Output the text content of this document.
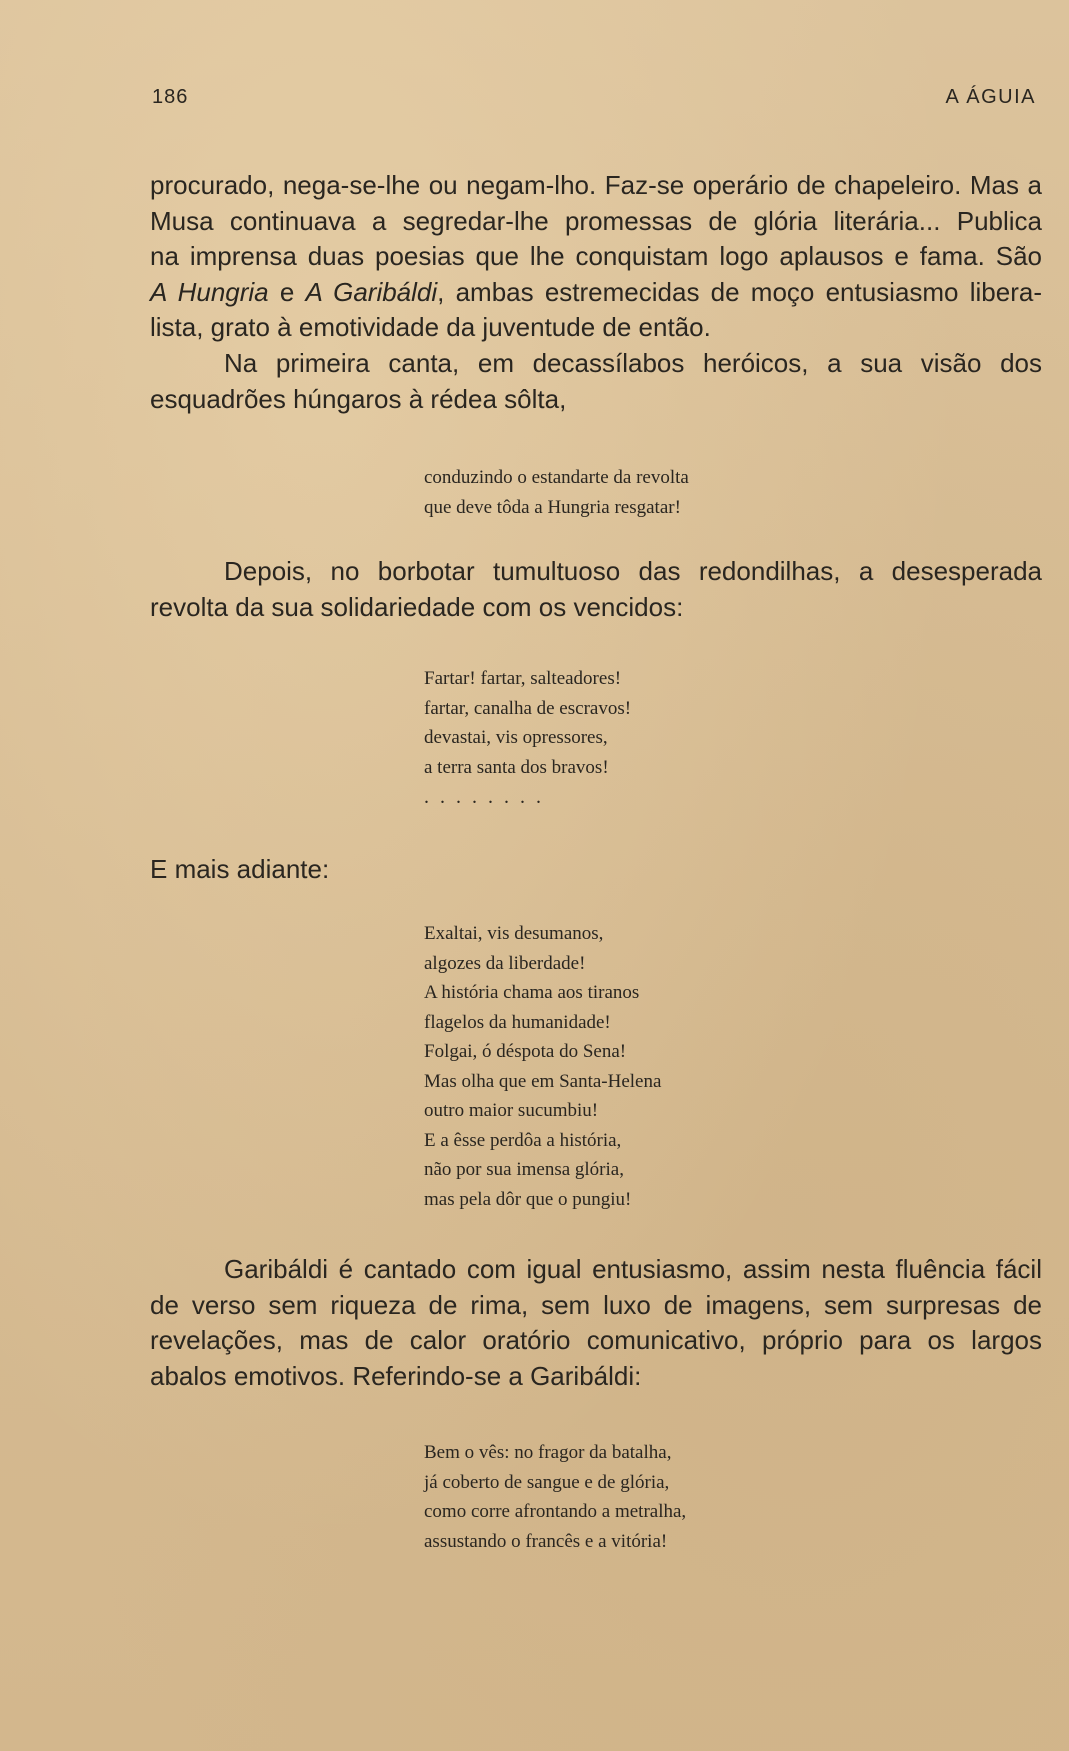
186	A ÁGUIA

procurado, nega-se-lhe ou negam-lho. Faz-se operário de chapeleiro. Mas a

Musa continuava a segredar-lhe promessas de glória literária... Publica

na imprensa duas poesias que lhe conquistam logo aplausos e fama. São

A Hungria e A Garibáldi, ambas estremecidas de moço entusiasmo libera-

lista, grato à emotividade da juventude de então.

Na primeira canta, em decassílabos heróicos, a sua visão dos esquadrões húngaros à rédea sôlta,

conduzindo o estandarte da revolta
que deve tôda a Hungria resgatar!

Depois, no borbotar tumultuoso das redondilhas, a desesperada revolta da sua solidariedade com os vencidos:

Fartar! fartar, salteadores!
fartar, canalha de escravos!
devastai, vis opressores,
a terra santa dos bravos!
........

E mais adiante:

Exaltai, vis desumanos,
algozes da liberdade!
A história chama aos tiranos
flagelos da humanidade!
Folgai, ó déspota do Sena!
Mas olha que em Santa-Helena
outro maior sucumbiu!
E a êsse perdôa a história,
não por sua imensa glória,
mas pela dôr que o pungiu!

Garibáldi é cantado com igual entusiasmo, assim nesta fluência fácil de verso sem riqueza de rima, sem luxo de imagens, sem surpresas de revelações, mas de calor oratório comunicativo, próprio para os largos abalos emotivos. Referindo-se a Garibáldi:

Bem o vês: no fragor da batalha,
já coberto de sangue e de glória,
como corre afrontando a metralha,
assustando o francês e a vitória!
